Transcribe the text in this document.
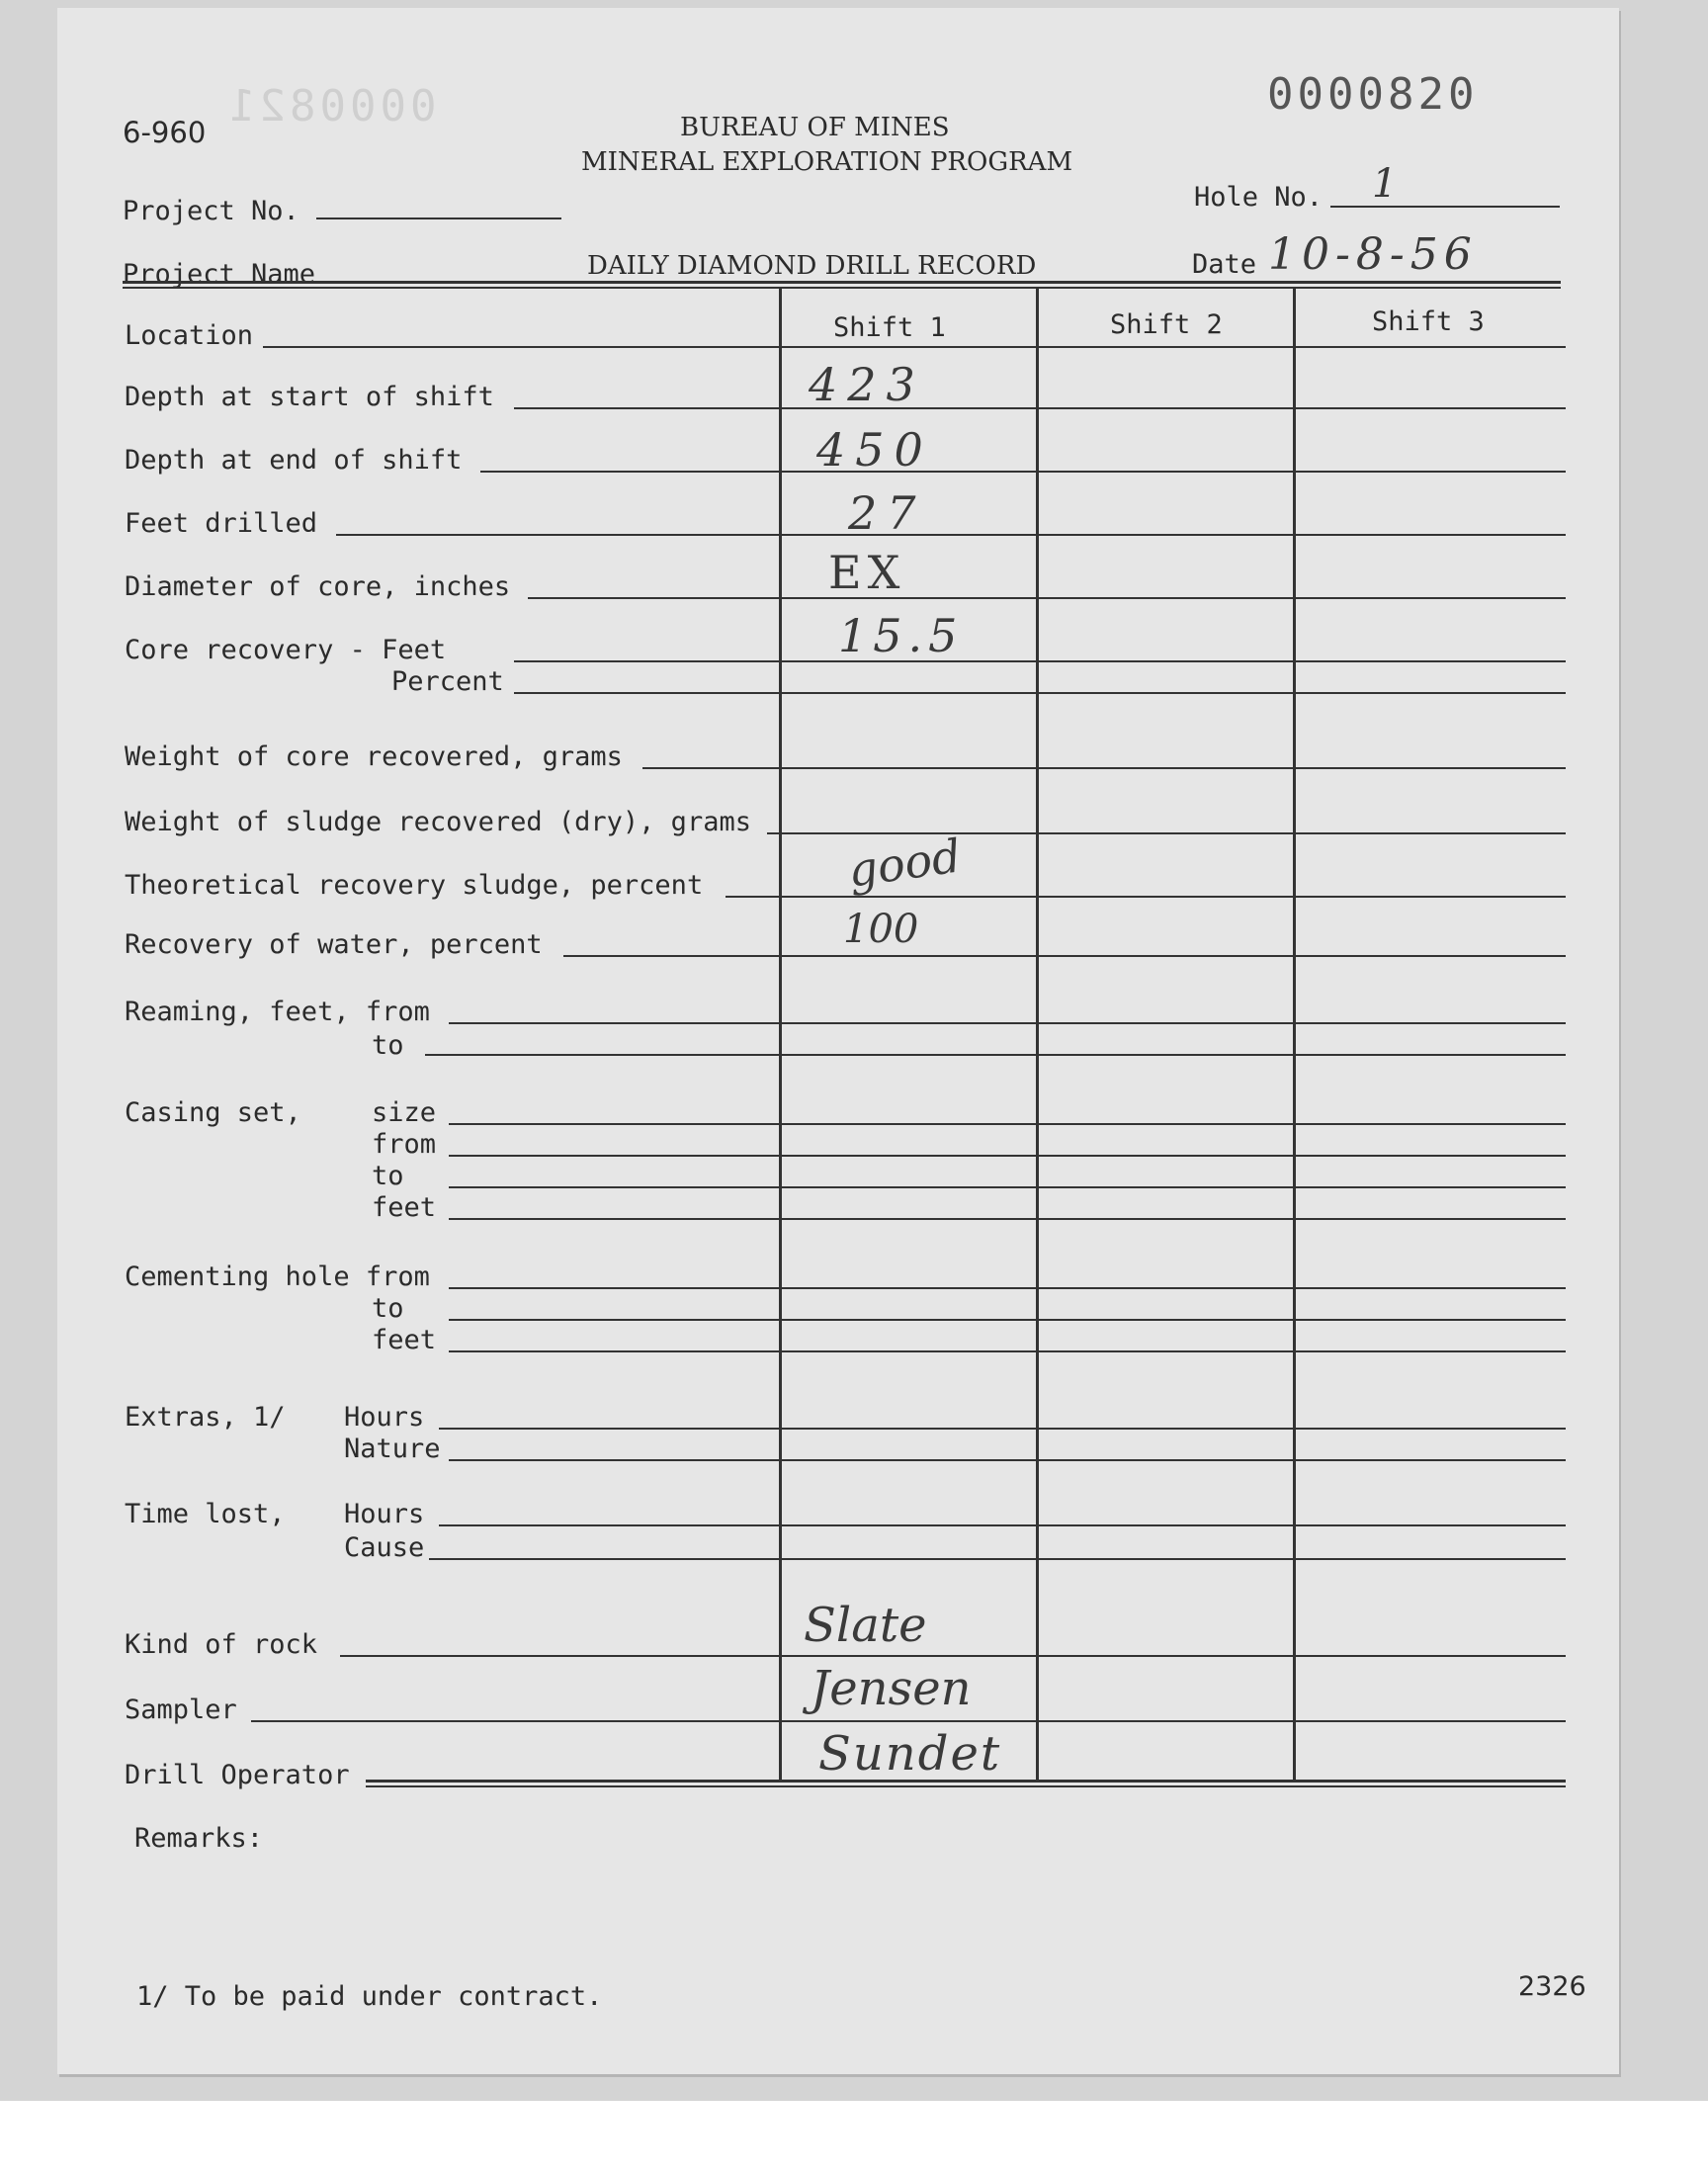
6-960
0000821	BUREAU OF MINES
MINERAL EXPLORATION PROGRAM
0000820
Hole No. 1
Project No.
Project Name	DAILY DIAMOND DRILL RECORD	Date 10-8-56
Shift 1	Shift 2	Shift 3
Location
Depth at start of shift	423
Depth at end of shift	450
Feet drilled	27
Diameter of core, inches	EX
Core recovery - Feet	15.5
Percent
Weight of core recovered, grams
Weight of sludge recovered (dry), grams
Theoretical recovery sludge, percent	good
Recovery of water, percent	100
Reaming, feet, from
to
Casing set,	size
from
to
feet
Cementing hole from
to
feet
Extras, 1/ Hours
Nature
Time lost, Hours
Cause
Kind of rock	Slate
Sampler	Jensen
Drill Operator	Sundet
Remarks:
1/ To be paid under contract.	2326
